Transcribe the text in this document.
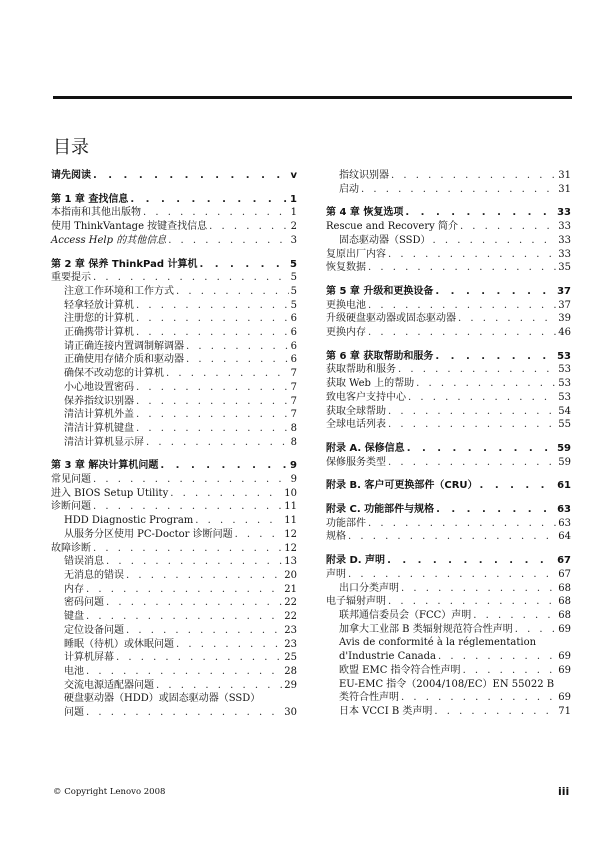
目录
请先阅读 . . .	v
第 1 章 查找信息 . . .	1
本指南和其他出版物 . . .	1
使用 ThinkVantage 按键查找信息 . . .	2
Access Help 的其他信息 . . .	3
第 2 章 保养 ThinkPad 计算机 . . .	5
重要提示 . . .	5
注意工作环境和工作方式 . . .	5
轻拿轻放计算机 . . .	5
注册您的计算机 . . .	6
正确携带计算机 . . .	6
请正确连接内置调制解调器 . . .	6
正确使用存储介质和驱动器 . . .	6
确保不改动您的计算机 . . .	7
小心地设置密码 . . .	7
保养指纹识别器 . . .	7
清洁计算机外盖 . . .	7
清洁计算机键盘 . . .	8
清洁计算机显示屏 . . .	8
第 3 章 解决计算机问题 . . .	9
常见问题 . . .	9
进入 BIOS Setup Utility . . .	10
诊断问题 . . .	11
HDD Diagnostic Program . . .	11
从服务分区使用 PC-Doctor 诊断问题 . . .	12
故障诊断 . . .	12
错误消息 . . .	13
无消息的错误 . . .	20
内存 . . .	21
密码问题 . . .	22
键盘 . . .	22
定位设备问题 . . .	23
睡眠（待机）或休眠问题 . . .	23
计算机屏幕 . . .	25
电池 . . .	28
交流电源适配器问题 . . .	29
硬盘驱动器（HDD）或固态驱动器（SSD）
问题 . . .	30
指纹识别器 . . .	31
启动 . . .	31
第 4 章 恢复选项 . . .	33
Rescue and Recovery 简介 . . .	33
固态驱动器（SSD） . . .	33
复原出厂内容 . . .	33
恢复数据 . . .	35
第 5 章 升级和更换设备 . . .	37
更换电池 . . .	37
升级硬盘驱动器或固态驱动器 . . .	39
更换内存 . . .	46
第 6 章 获取帮助和服务 . . .	53
获取帮助和服务 . . .	53
获取 Web 上的帮助 . . .	53
致电客户支持中心 . . .	53
获取全球帮助 . . .	54
全球电话列表 . . .	55
附录 A. 保修信息 . . .	59
保修服务类型 . . .	59
附录 B. 客户可更换部件（CRU） . . .	61
附录 C. 功能部件与规格 . . .	63
功能部件 . . .	63
规格 . . .	64
附录 D. 声明 . . .	67
声明 . . .	67
出口分类声明 . . .	68
电子辐射声明 . . .	68
联邦通信委员会（FCC）声明 . . .	68
加拿大工业部 B 类辐射规范符合性声明 . . .	69
Avis de conformité à la réglementation
d'Industrie Canada . . .	69
欧盟 EMC 指令符合性声明 . . .	69
EU-EMC 指令（2004/108/EC）EN 55022 B
类符合性声明 . . .	69
日本 VCCI B 类声明 . . .	71
© Copyright Lenovo 2008	iii
